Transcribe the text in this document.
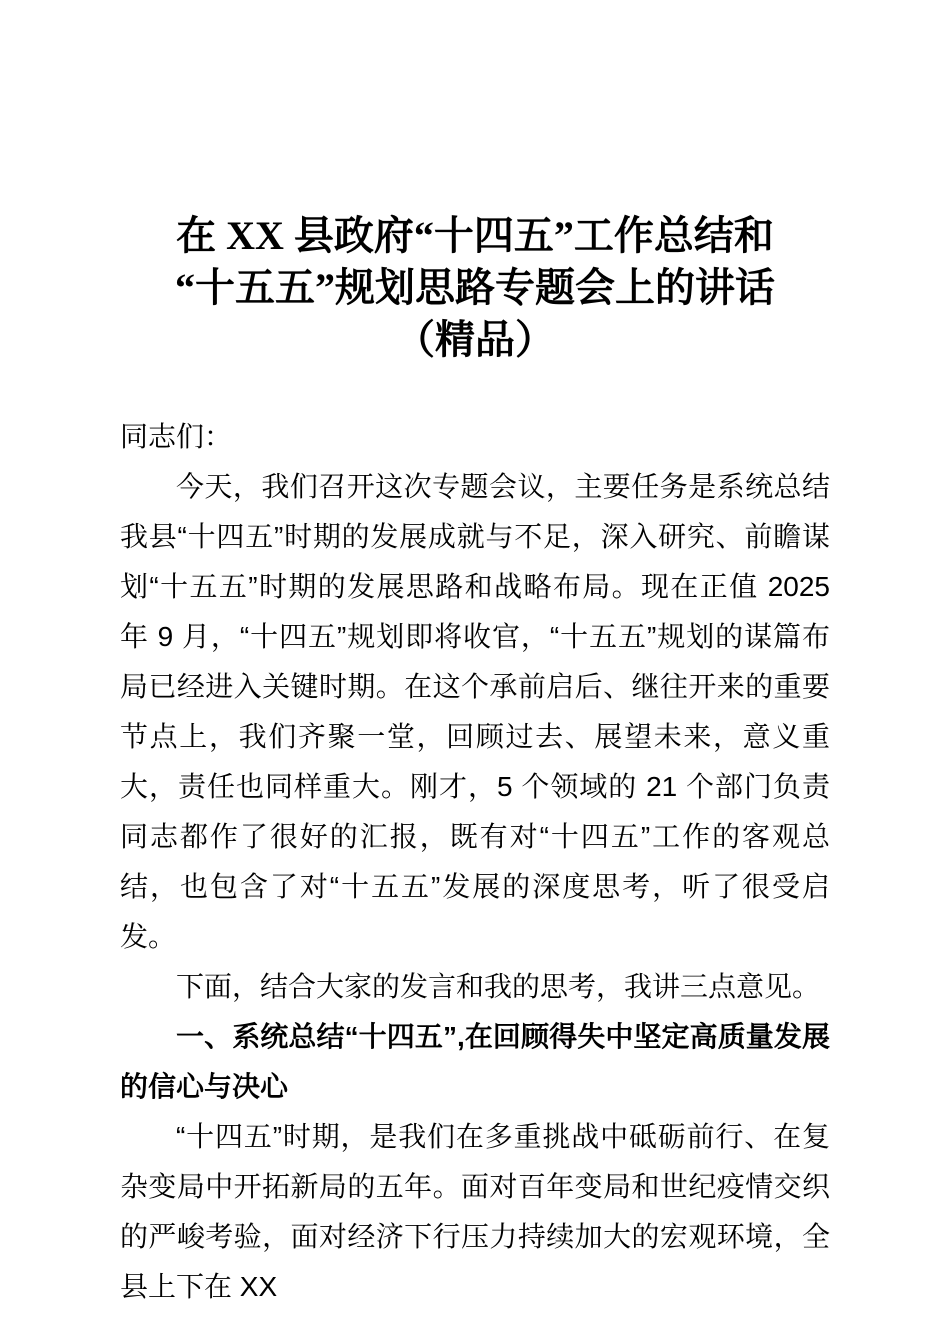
在 XX 县政府“十四五”工作总结和
“十五五”规划思路专题会上的讲话
（精品）

同志们：

今天，我们召开这次专题会议，主要任务是系统总结我县“十四五”时期的发展成就与不足，深入研究、前瞻谋划“十五五”时期的发展思路和战略布局。现在正值 2025 年 9 月，“十四五”规划即将收官，“十五五”规划的谋篇布局已经进入关键时期。在这个承前启后、继往开来的重要节点上，我们齐聚一堂，回顾过去、展望未来，意义重大，责任也同样重大。刚才，5 个领域的 21 个部门负责同志都作了很好的汇报，既有对“十四五”工作的客观总结，也包含了对“十五五”发展的深度思考，听了很受启发。

下面，结合大家的发言和我的思考，我讲三点意见。

一、系统总结“十四五”,在回顾得失中坚定高质量发展的信心与决心

“十四五”时期，是我们在多重挑战中砥砺前行、在复杂变局中开拓新局的五年。面对百年变局和世纪疫情交织的严峻考验，面对经济下行压力持续加大的宏观环境，全县上下在 XX
